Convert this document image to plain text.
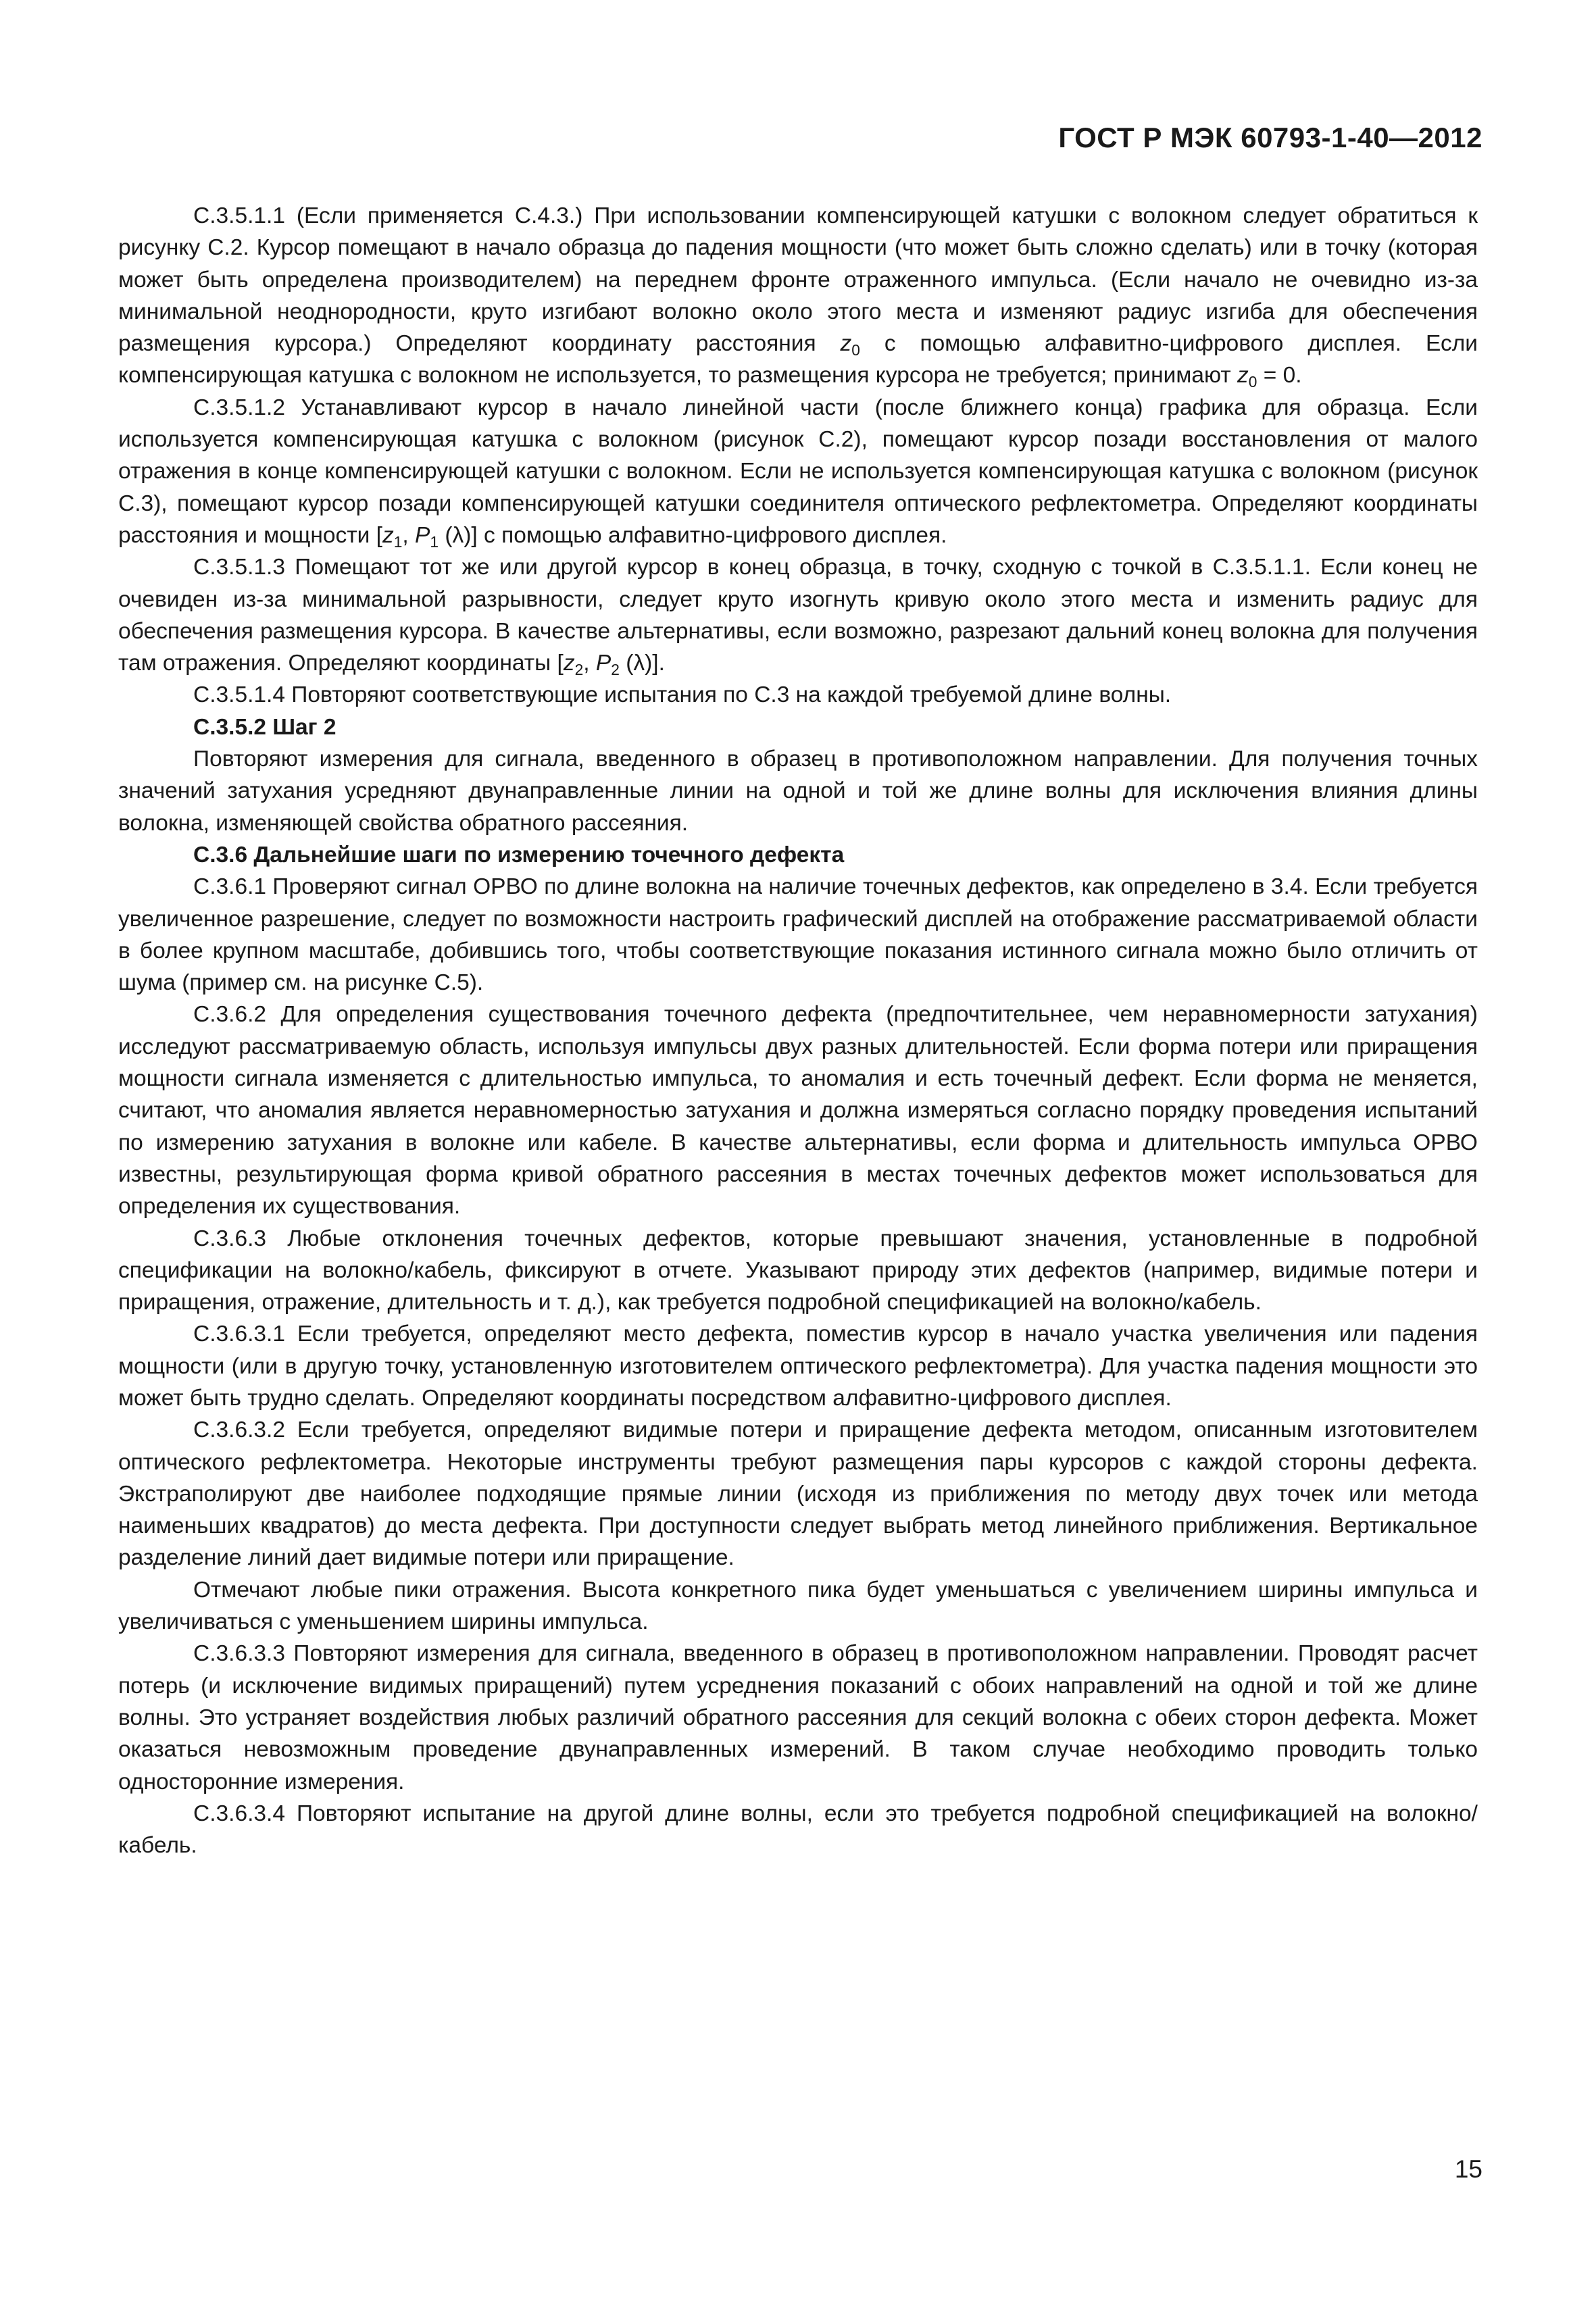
ГОСТ Р МЭК 60793-1-40—2012

С.3.5.1.1 (Если применяется С.4.3.) При использовании компенсирующей катушки с волокном следует обратиться к рисунку С.2. Курсор помещают в начало образца до падения мощности (что может быть сложно сделать) или в точку (которая может быть определена производителем) на переднем фронте отраженного импульса. (Если начало не очевидно из-за минимальной неоднородности, круто изгибают волокно около этого места и изменяют радиус изгиба для обеспечения размещения курсора.) Определяют координату расстояния $z_0$ с помощью алфавитно-цифрового дисплея. Если компенсирующая катушка с волокном не используется, то размещения курсора не требуется; принимают $z_0 = 0$.

С.3.5.1.2 Устанавливают курсор в начало линейной части (после ближнего конца) графика для образца. Если используется компенсирующая катушка с волокном (рисунок С.2), помещают курсор позади восстановления от малого отражения в конце компенсирующей катушки с волокном. Если не используется компенсирующая катушка с волокном (рисунок С.3), помещают курсор позади компенсирующей катушки соединителя оптического рефлектометра. Определяют координаты расстояния и мощности [$z_1$, $P_1$ (λ)] с помощью алфавитно-цифрового дисплея.

С.3.5.1.3 Помещают тот же или другой курсор в конец образца, в точку, сходную с точкой в С.3.5.1.1. Если конец не очевиден из-за минимальной разрывности, следует круто изогнуть кривую около этого места и изменить радиус для обеспечения размещения курсора. В качестве альтернативы, если возможно, разрезают дальний конец волокна для получения там отражения. Определяют координаты [$z_2$, $P_2$ (λ)].

С.3.5.1.4 Повторяют соответствующие испытания по С.3 на каждой требуемой длине волны.

С.3.5.2 Шаг 2

Повторяют измерения для сигнала, введенного в образец в противоположном направлении. Для получения точных значений затухания усредняют двунаправленные линии на одной и той же длине волны для исключения влияния длины волокна, изменяющей свойства обратного рассеяния.

С.3.6 Дальнейшие шаги по измерению точечного дефекта

С.3.6.1 Проверяют сигнал ОРВО по длине волокна на наличие точечных дефектов, как определено в 3.4. Если требуется увеличенное разрешение, следует по возможности настроить графический дисплей на отображение рассматриваемой области в более крупном масштабе, добившись того, чтобы соответствующие показания истинного сигнала можно было отличить от шума (пример см. на рисунке С.5).

С.3.6.2 Для определения существования точечного дефекта (предпочтительнее, чем неравномерности затухания) исследуют рассматриваемую область, используя импульсы двух разных длительностей. Если форма потери или приращения мощности сигнала изменяется с длительностью импульса, то аномалия и есть точечный дефект. Если форма не меняется, считают, что аномалия является неравномерностью затухания и должна измеряться согласно порядку проведения испытаний по измерению затухания в волокне или кабеле. В качестве альтернативы, если форма и длительность импульса ОРВО известны, результирующая форма кривой обратного рассеяния в местах точечных дефектов может использоваться для определения их существования.

С.3.6.3 Любые отклонения точечных дефектов, которые превышают значения, установленные в подробной спецификации на волокно/кабель, фиксируют в отчете. Указывают природу этих дефектов (например, видимые потери и приращения, отражение, длительность и т. д.), как требуется подробной спецификацией на волокно/кабель.

С.3.6.3.1 Если требуется, определяют место дефекта, поместив курсор в начало участка увеличения или падения мощности (или в другую точку, установленную изготовителем оптического рефлектометра). Для участка падения мощности это может быть трудно сделать. Определяют координаты посредством алфавитно-цифрового дисплея.

С.3.6.3.2 Если требуется, определяют видимые потери и приращение дефекта методом, описанным изготовителем оптического рефлектометра. Некоторые инструменты требуют размещения пары курсоров с каждой стороны дефекта. Экстраполируют две наиболее подходящие прямые линии (исходя из приближения по методу двух точек или метода наименьших квадратов) до места дефекта. При доступности следует выбрать метод линейного приближения. Вертикальное разделение линий дает видимые потери или приращение.

Отмечают любые пики отражения. Высота конкретного пика будет уменьшаться с увеличением ширины импульса и увеличиваться с уменьшением ширины импульса.

С.3.6.3.3 Повторяют измерения для сигнала, введенного в образец в противоположном направлении. Проводят расчет потерь (и исключение видимых приращений) путем усреднения показаний с обоих направлений на одной и той же длине волны. Это устраняет воздействия любых различий обратного рассеяния для секций волокна с обеих сторон дефекта. Может оказаться невозможным проведение двунаправленных измерений. В таком случае необходимо проводить только односторонние измерения.

С.3.6.3.4 Повторяют испытание на другой длине волны, если это требуется подробной спецификацией на волокно/кабель.

15
